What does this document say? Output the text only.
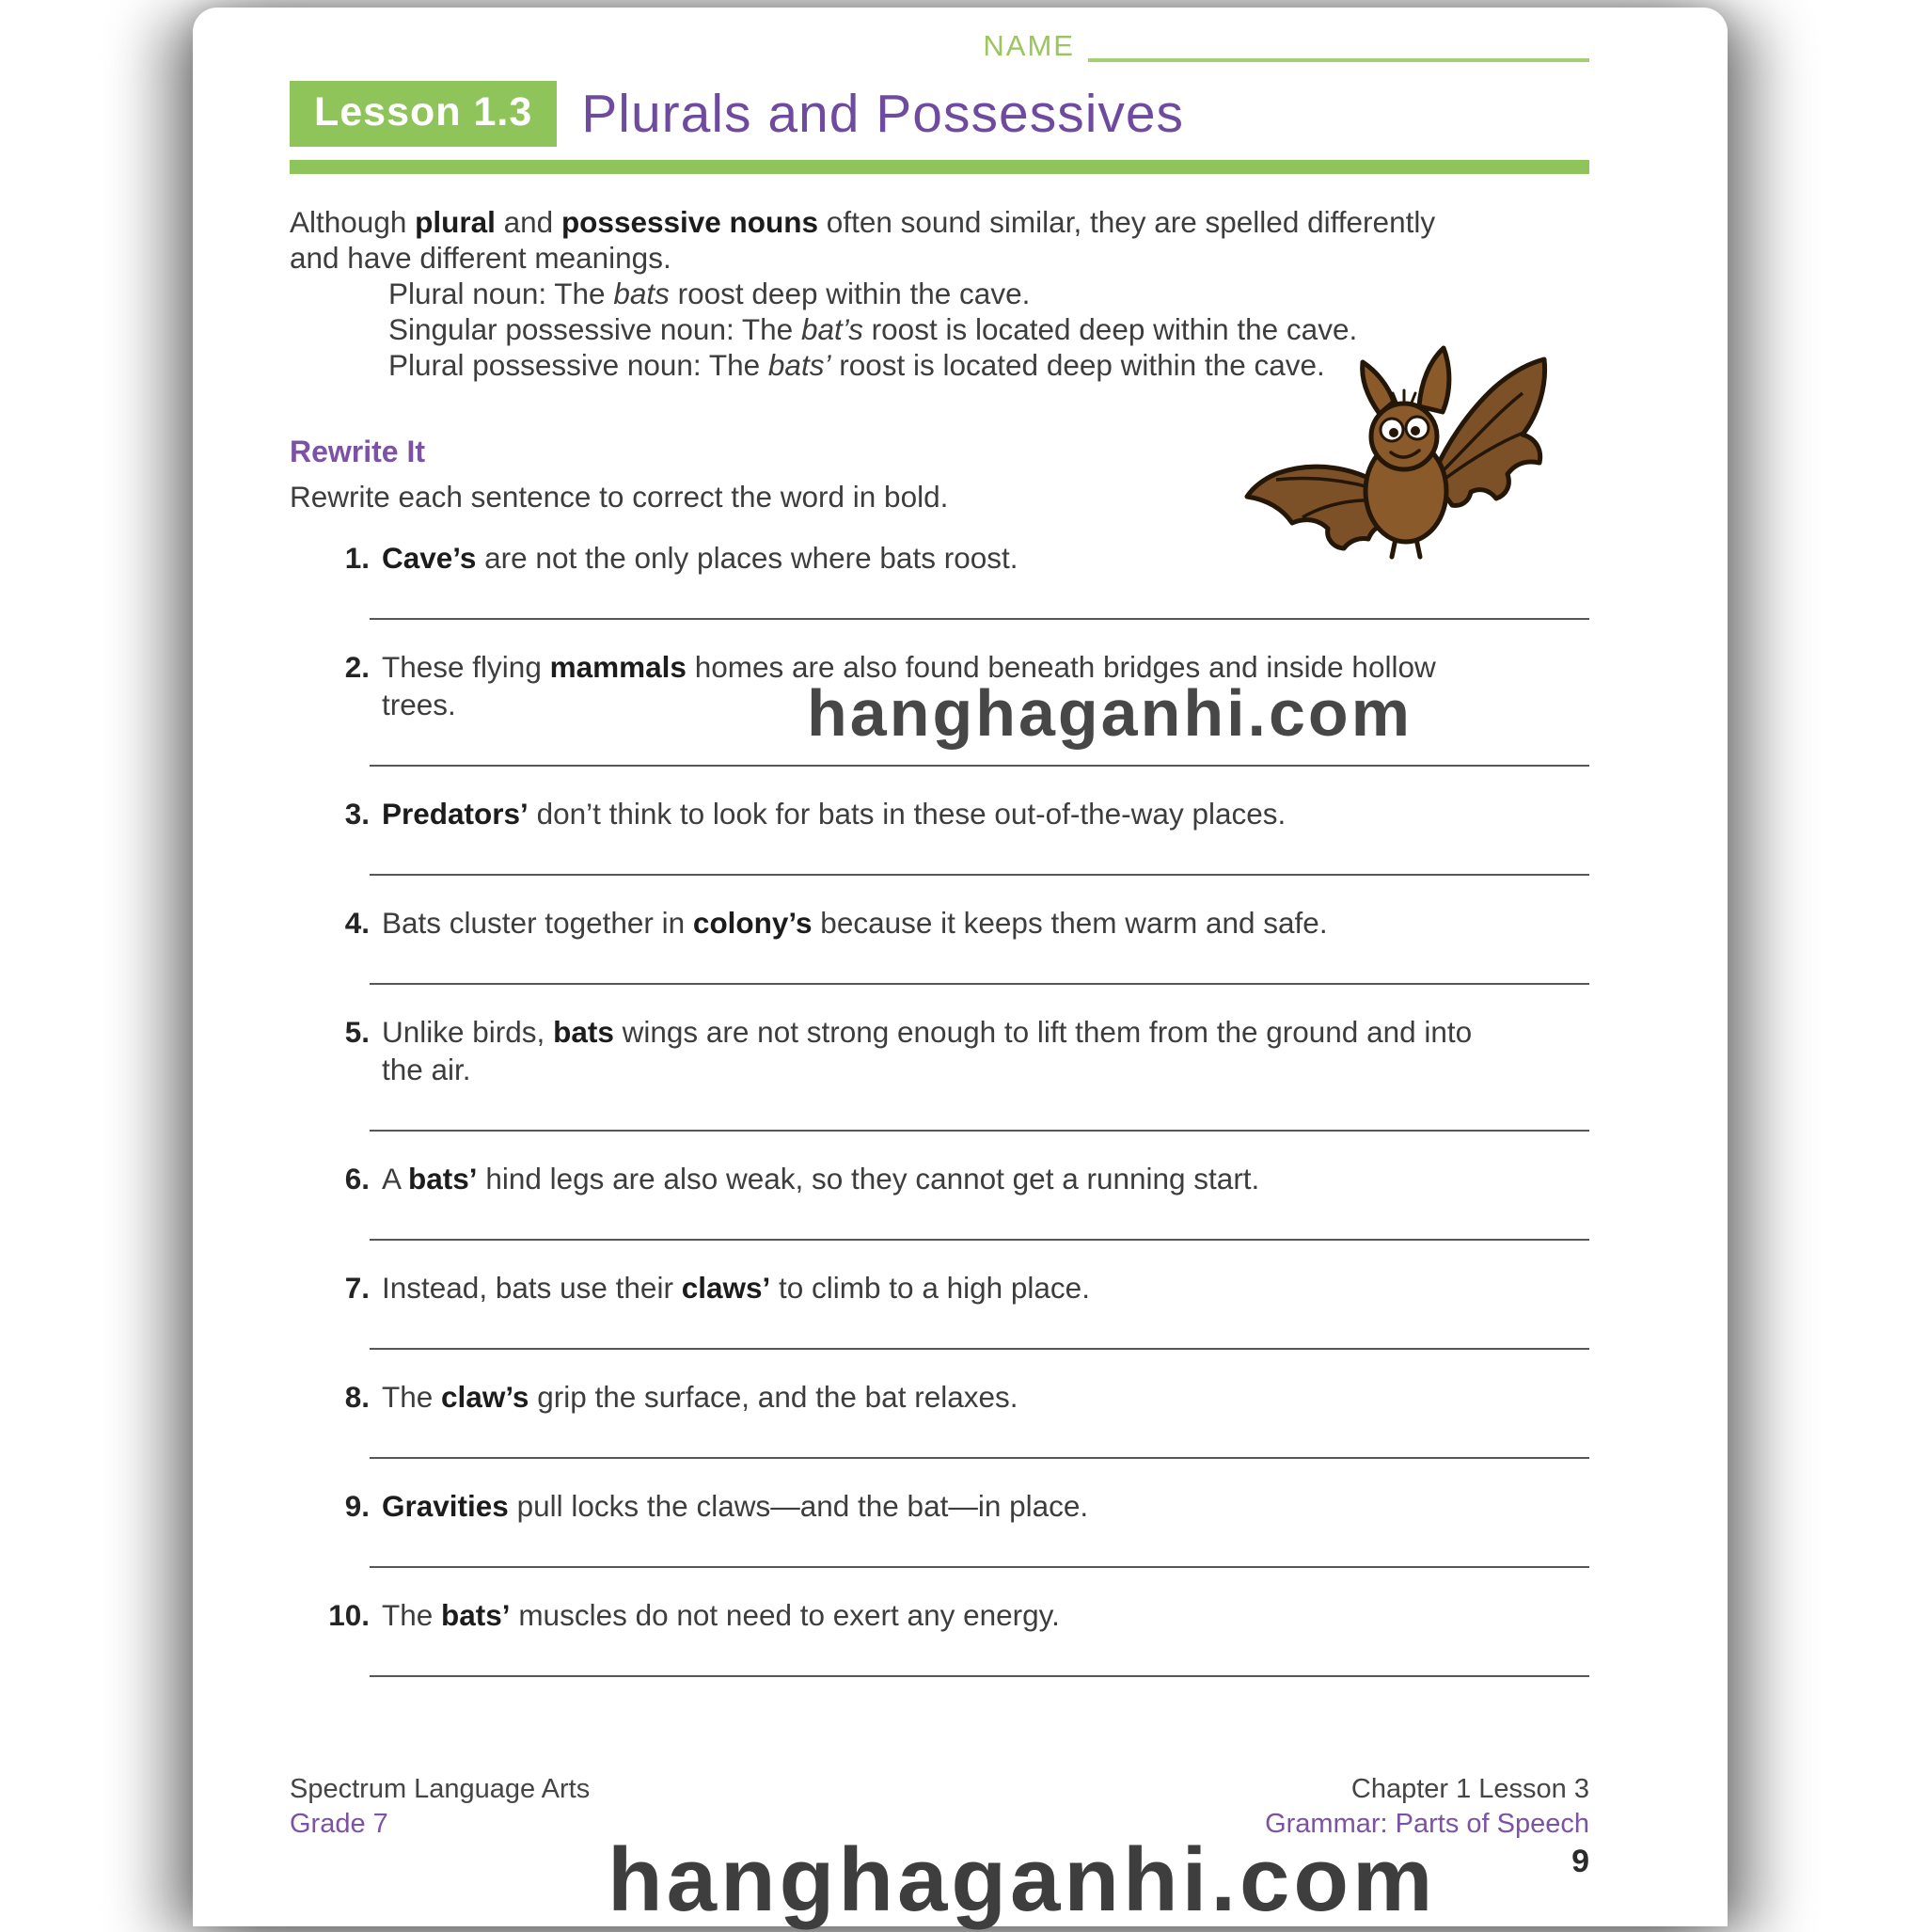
NAME
Lesson 1.3 Plurals and Possessives

Although plural and possessive nouns often sound similar, they are spelled differently
and have different meanings.

Plural noun: The bats roost deep within the cave.
Singular possessive noun: The bat’s roost is located deep within the cave.
Plural possessive noun: The bats’ roost is located deep within the cave.
Rewrite It

Rewrite each sentence to correct the word in bold.

1. Cave’s are not the only places where bats roost.
2. These flying mammals homes are also found beneath bridges and inside hollow trees.
3. Predators’ don’t think to look for bats in these out-of-the-way places.
4. Bats cluster together in colony’s because it keeps them warm and safe.
5. Unlike birds, bats wings are not strong enough to lift them from the ground and into the air.
6. A bats’ hind legs are also weak, so they cannot get a running start.
7. Instead, bats use their claws’ to climb to a high place.
8. The claw’s grip the surface, and the bat relaxes.
9. Gravities pull locks the claws—and the bat—in place.
10. The bats’ muscles do not need to exert any energy.
Spectrum Language Arts
Grade 7
Chapter 1 Lesson 3
Grammar: Parts of Speech
9
hanghaganhi.com
hanghaganhi.com
